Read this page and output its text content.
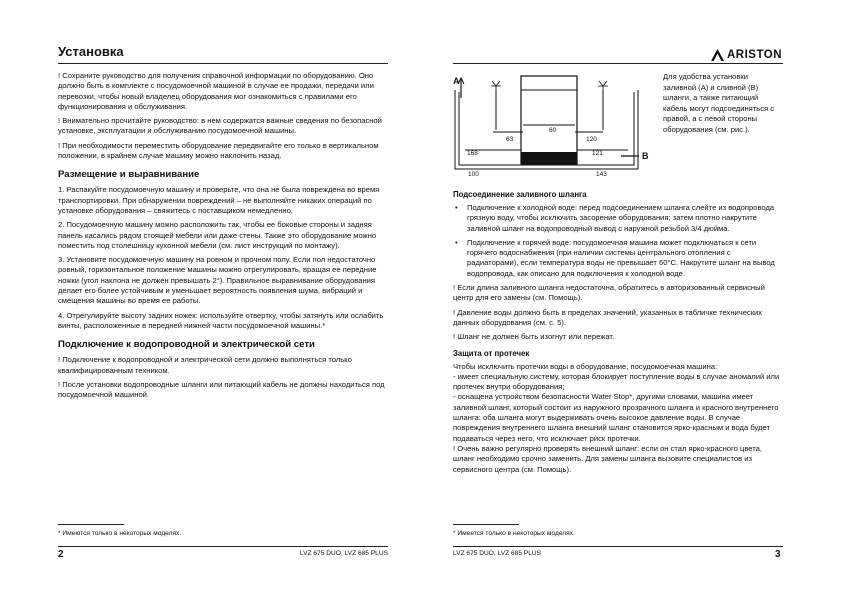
Установка

! Сохраните руководство для получения справочной информации по оборудованию. Оно должно быть в комплекте с посудомоечной машиной в случае ее продажи, передачи или перевозки, чтобы новый владелец оборудования мог ознакомиться с правилами его функционирования и обслуживания.

! Внимательно прочитайте руководство: в нем содержатся важные сведения по безопасной установке, эксплуатации и обслуживанию посудомоечной машины.

! При необходимости переместить оборудование передвигайте его только в вертикальном положении, в крайнем случае машину можно наклонить назад.

Размещение и выравнивание

1. Распакуйте посудомоечную машину и проверьте, что она не была повреждена во время транспортировки. При обнаружении повреждений – не выполняйте никаких операций по установке оборудования – свяжитесь с поставщиком немедленно.

2. Посудомоечную машину можно расположить так, чтобы ее боковые стороны и задняя панель касались рядом стоящей мебели или даже стены. Также это оборудование можно поместить под столешницу кухонной мебели (см. лист инструкций по монтажу).

3. Установите посудомоечную машину на ровном и прочном полу. Если пол недостаточно ровный, горизонтальное положение машины можно отрегулировать, вращая ее передние ножки (угол наклона не должен превышать 2°). Правильное выравнивание оборудования делает его более устойчивым и уменьшает вероятность появления шума, вибраций и смещения машины во время ее работы.

4. Отрегулируйте высоту задних ножек: используйте отвертку, чтобы затянуть или ослабить винты, расположенные в передней нижней части посудомоечной машины.*

Подключение к водопроводной и электрической сети

! Подключение к водопроводной и электрической сети должно выполняться только квалифицированным техником.

! После установки водопроводные шланги или питающий кабель не должны находиться под посудомоечной машиной.

* Имеются только в некоторых моделях.
2	LVZ 675 DUO, LVZ 685 PLUS
ARISTON
A
B
60
63	120
168	121
100	143
Для удобства установки заливной (A) и сливной (B) шланги, а также питающий кабель могут подсоединяться с правой, а с левой стороны оборудования (см. рис.).
Подсоединение заливного шланга
• Подключение к холодной воде: перед подсоединением шланга слейте из водопровода грязную воду, чтобы исключить засорение оборудования; затем плотно накрутите заливной шланг на водопроводный вывод с наружной резьбой 3/4 дюйма.
• Подключение к горячей воде: посудомоечная машина может подключаться к сети горячего водоснабжения (при наличии системы центрального отопления с радиаторами), если температура воды не превышает 60°C. Накрутите шланг на вывод водопровода, как описано для подключения к холодной воде.

! Если длина заливного шланга недостаточна, обратитесь в авторизованный сервисный центр для его замены (см. Помощь).

! Давление воды должно быть в пределах значений, указанных в табличке технических данных оборудования (см. с. 5).

! Шланг не должен быть изогнут или пережат.

Защита от протечек

Чтобы исключить протечки воды в оборудование, посудомоечная машина:

- имеет специальную систему, которая блокирует поступление воды в случае аномалий или протечек внутри оборудования;

- оснащена устройством безопасности Water Stop*, другими словами, машина имеет заливной шланг, который состоит из наружного прозрачного шланга и красного внутреннего шланга: оба шланга могут выдерживать очень высокое давление воды. В случае повреждения внутреннего шланга внешний шланг становится ярко-красным и вода будет подаваться через него, что исключает риск протечки.

! Очень важно регулярно проверять внешний шланг: если он стал ярко-красного цвета, шланг необходимо срочно заменить. Для замены шланга вызовите специалистов из сервисного центра (см. Помощь).

* Имеется только в некоторых моделях.
LVZ 675 DUO, LVZ 685 PLUS	3
